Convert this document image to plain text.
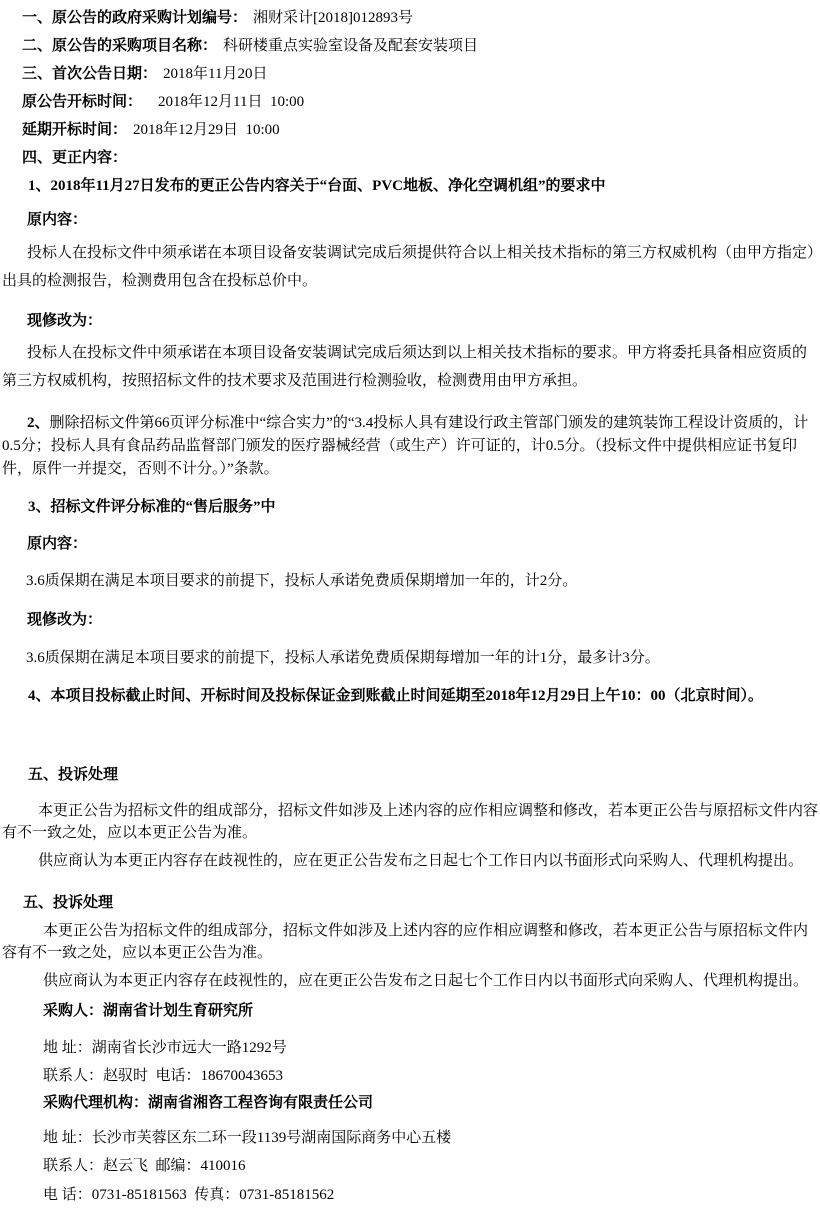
一、原公告的政府采购计划编号： 湘财采计[2018]012893号

二、原公告的采购项目名称： 科研楼重点实验室设备及配套安装项目

三、首次公告日期： 2018年11月20日

原公告开标时间： 2018年12月11日  10:00

延期开标时间： 2018年12月29日  10:00

四、更正内容：

1、2018年11月27日发布的更正公告内容关于“台面、PVC地板、净化空调机组”的要求中

原内容：

投标人在投标文件中须承诺在本项目设备安装调试完成后须提供符合以上相关技术指标的第三方权威机构（由甲方指定）出具的检测报告，检测费用包含在投标总价中。

现修改为：

投标人在投标文件中须承诺在本项目设备安装调试完成后须达到以上相关技术指标的要求。甲方将委托具备相应资质的第三方权威机构，按照招标文件的技术要求及范围进行检测验收，检测费用由甲方承担。

2、删除招标文件第66页评分标准中“综合实力”的“3.4投标人具有建设行政主管部门颁发的建筑装饰工程设计资质的，计0.5分；投标人具有食品药品监督部门颁发的医疗器械经营（或生产）许可证的，计0.5分。（投标文件中提供相应证书复印件，原件一并提交，否则不计分。）”条款。

3、招标文件评分标准的“售后服务”中

原内容：

3.6质保期在满足本项目要求的前提下，投标人承诺免费质保期增加一年的，计2分。

现修改为：

3.6质保期在满足本项目要求的前提下，投标人承诺免费质保期每增加一年的计1分，最多计3分。

4、本项目投标截止时间、开标时间及投标保证金到账截止时间延期至2018年12月29日上午10：00（北京时间）。

五、投诉处理

本更正公告为招标文件的组成部分，招标文件如涉及上述内容的应作相应调整和修改，若本更正公告与原招标文件内容有不一致之处，应以本更正公告为准。

供应商认为本更正内容存在歧视性的，应在更正公告发布之日起七个工作日内以书面形式向采购人、代理机构提出。

五、投诉处理

本更正公告为招标文件的组成部分，招标文件如涉及上述内容的应作相应调整和修改，若本更正公告与原招标文件内容有不一致之处，应以本更正公告为准。

供应商认为本更正内容存在歧视性的，应在更正公告发布之日起七个工作日内以书面形式向采购人、代理机构提出。

采购人：湖南省计划生育研究所

地 址：湖南省长沙市远大一路1292号

联系人：赵驭时  电话：18670043653

采购代理机构：湖南省湘咨工程咨询有限责任公司

地 址：长沙市芙蓉区东二环一段1139号湖南国际商务中心五楼

联系人：赵云飞  邮编：410016

电 话：0731-85181563  传真：0731-85181562
